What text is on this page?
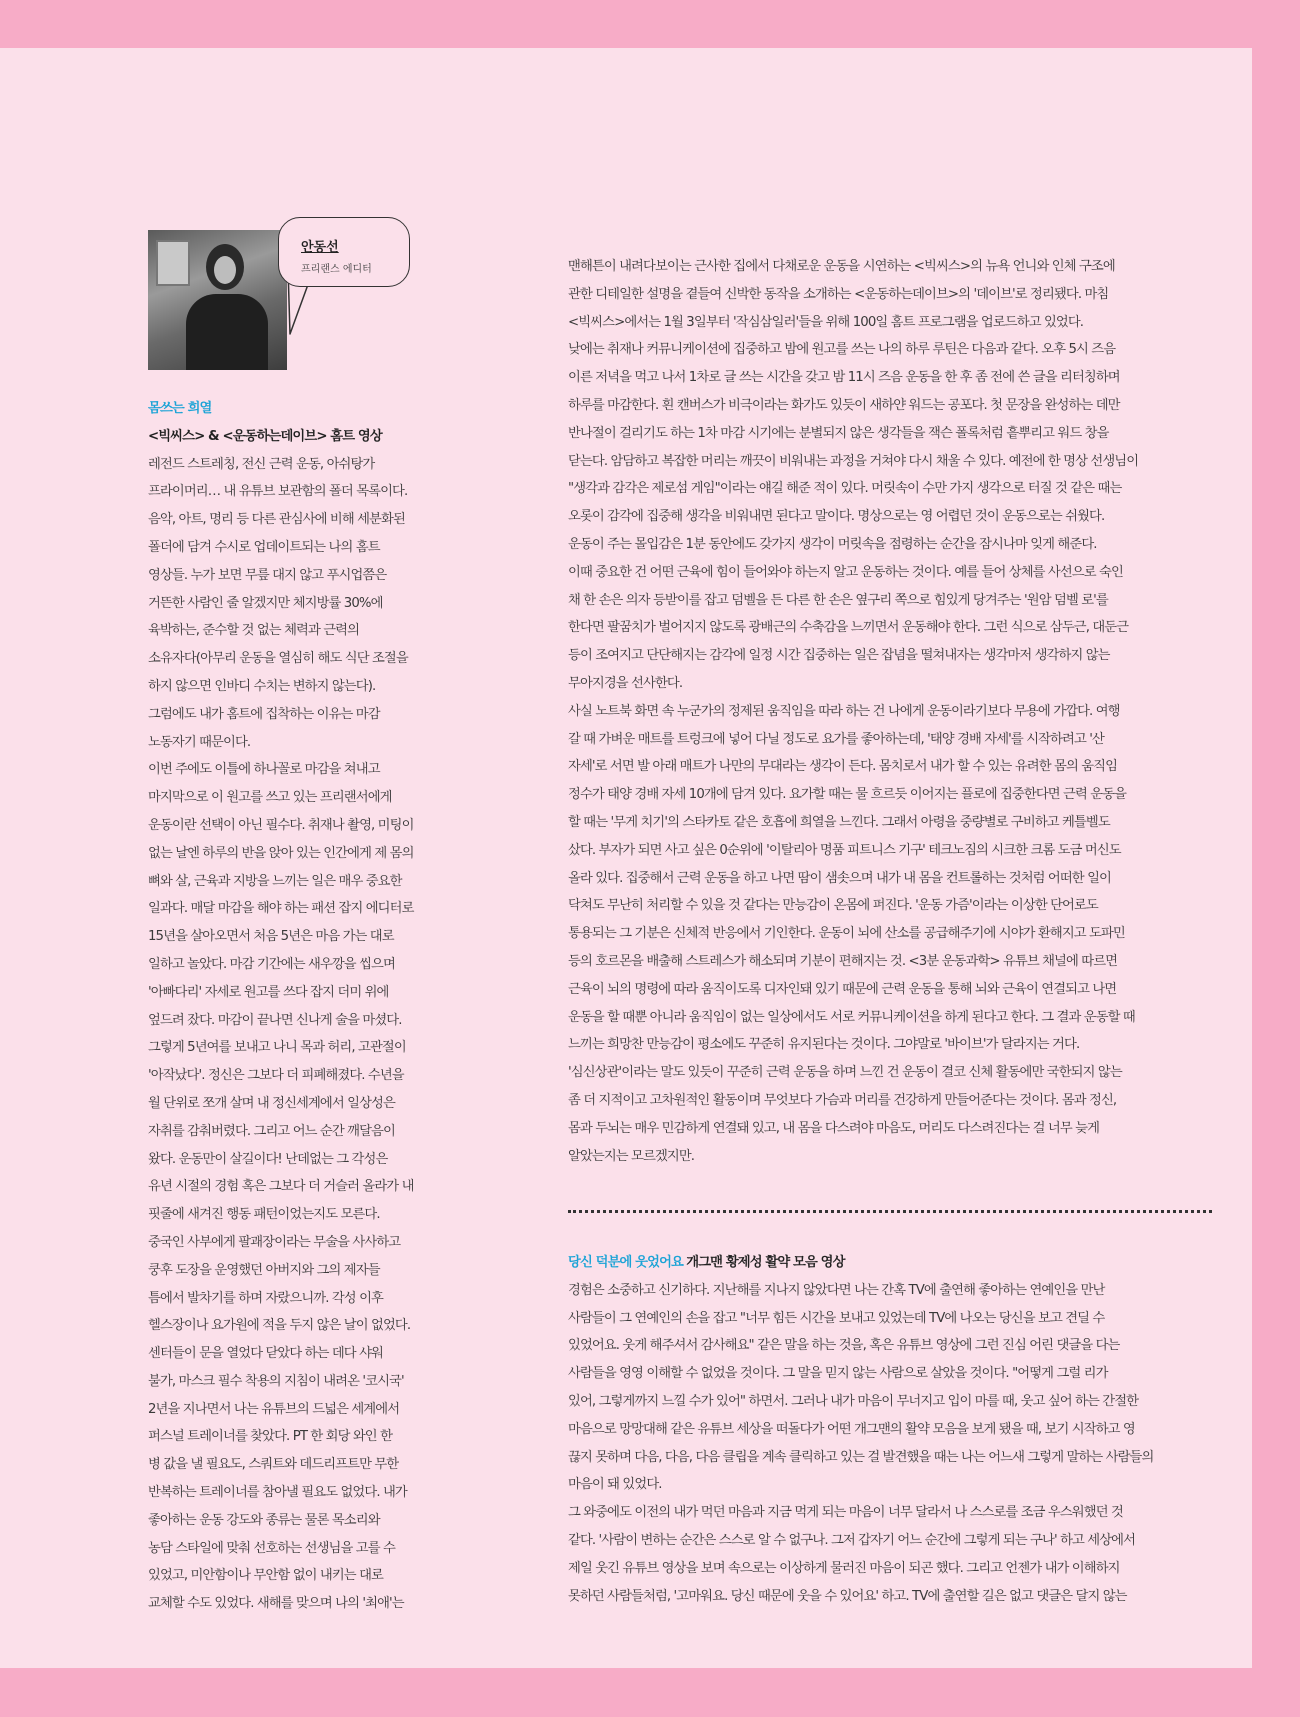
안동선
프리랜스 에디터
몸쓰는 희열
<빅씨스> & <운동하는데이브> 홈트 영상
레전드 스트레칭, 전신 근력 운동, 아쉬탕가
프라이머리… 내 유튜브 보관함의 폴더 목록이다.
음악, 아트, 명리 등 다른 관심사에 비해 세분화된
폴더에 담겨 수시로 업데이트되는 나의 홈트
영상들. 누가 보면 무릎 대지 않고 푸시업쯤은
거뜬한 사람인 줄 알겠지만 체지방률 30%에
육박하는, 준수할 것 없는 체력과 근력의
소유자다(아무리 운동을 열심히 해도 식단 조절을
하지 않으면 인바디 수치는 변하지 않는다).
그럼에도 내가 홈트에 집착하는 이유는 마감
노동자기 때문이다.
이번 주에도 이틀에 하나꼴로 마감을 쳐내고
마지막으로 이 원고를 쓰고 있는 프리랜서에게
운동이란 선택이 아닌 필수다. 취재나 촬영, 미팅이
없는 날엔 하루의 반을 앉아 있는 인간에게 제 몸의
뼈와 살, 근육과 지방을 느끼는 일은 매우 중요한
일과다. 매달 마감을 해야 하는 패션 잡지 에디터로
15년을 살아오면서 처음 5년은 마음 가는 대로
일하고 놀았다. 마감 기간에는 새우깡을 씹으며
'아빠다리' 자세로 원고를 쓰다 잡지 더미 위에
엎드려 잤다. 마감이 끝나면 신나게 술을 마셨다.
그렇게 5년여를 보내고 나니 목과 허리, 고관절이
'아작났다'. 정신은 그보다 더 피폐해졌다. 수년을
월 단위로 쪼개 살며 내 정신세계에서 일상성은
자취를 감춰버렸다. 그리고 어느 순간 깨달음이
왔다. 운동만이 살길이다! 난데없는 그 각성은
유년 시절의 경험 혹은 그보다 더 거슬러 올라가 내
핏줄에 새겨진 행동 패턴이었는지도 모른다.
중국인 사부에게 팔괘장이라는 무술을 사사하고
쿵후 도장을 운영했던 아버지와 그의 제자들
틈에서 발차기를 하며 자랐으니까. 각성 이후
헬스장이나 요가원에 적을 두지 않은 날이 없었다.
센터들이 문을 열었다 닫았다 하는 데다 샤워
불가, 마스크 필수 착용의 지침이 내려온 '코시국'
2년을 지나면서 나는 유튜브의 드넓은 세계에서
퍼스널 트레이너를 찾았다. PT 한 회당 와인 한
병 값을 낼 필요도, 스쿼트와 데드리프트만 무한
반복하는 트레이너를 참아낼 필요도 없었다. 내가
좋아하는 운동 강도와 종류는 물론 목소리와
농담 스타일에 맞춰 선호하는 선생님을 고를 수
있었고, 미안함이나 무안함 없이 내키는 대로
교체할 수도 있었다. 새해를 맞으며 나의 '최애'는
맨해튼이 내려다보이는 근사한 집에서 다채로운 운동을 시연하는 <빅씨스>의 뉴욕 언니와 인체 구조에
관한 디테일한 설명을 곁들여 신박한 동작을 소개하는 <운동하는데이브>의 '데이브'로 정리됐다. 마침
<빅씨스>에서는 1월 3일부터 '작심삼일러'들을 위해 100일 홈트 프로그램을 업로드하고 있었다.
낮에는 취재나 커뮤니케이션에 집중하고 밤에 원고를 쓰는 나의 하루 루틴은 다음과 같다. 오후 5시 즈음
이른 저녁을 먹고 나서 1차로 글 쓰는 시간을 갖고 밤 11시 즈음 운동을 한 후 좀 전에 쓴 글을 리터칭하며
하루를 마감한다. 흰 캔버스가 비극이라는 화가도 있듯이 새하얀 워드는 공포다. 첫 문장을 완성하는 데만
반나절이 걸리기도 하는 1차 마감 시기에는 분별되지 않은 생각들을 잭슨 폴록처럼 흩뿌리고 워드 창을
닫는다. 암담하고 복잡한 머리는 깨끗이 비워내는 과정을 거쳐야 다시 채울 수 있다. 예전에 한 명상 선생님이
"생각과 감각은 제로섬 게임"이라는 얘길 해준 적이 있다. 머릿속이 수만 가지 생각으로 터질 것 같은 때는
오롯이 감각에 집중해 생각을 비워내면 된다고 말이다. 명상으로는 영 어렵던 것이 운동으로는 쉬웠다.
운동이 주는 몰입감은 1분 동안에도 갖가지 생각이 머릿속을 점령하는 순간을 잠시나마 잊게 해준다.
이때 중요한 건 어떤 근육에 힘이 들어와야 하는지 알고 운동하는 것이다. 예를 들어 상체를 사선으로 숙인
채 한 손은 의자 등받이를 잡고 덤벨을 든 다른 한 손은 옆구리 쪽으로 힘있게 당겨주는 '원암 덤벨 로'를
한다면 팔꿈치가 벌어지지 않도록 광배근의 수축감을 느끼면서 운동해야 한다. 그런 식으로 삼두근, 대둔근
등이 조여지고 단단해지는 감각에 일정 시간 집중하는 일은 잡념을 떨쳐내자는 생각마저 생각하지 않는
무아지경을 선사한다.
사실 노트북 화면 속 누군가의 정제된 움직임을 따라 하는 건 나에게 운동이라기보다 무용에 가깝다. 여행
갈 때 가벼운 매트를 트렁크에 넣어 다닐 정도로 요가를 좋아하는데, '태양 경배 자세'를 시작하려고 '산
자세'로 서면 발 아래 매트가 나만의 무대라는 생각이 든다. 몸치로서 내가 할 수 있는 유려한 몸의 움직임
정수가 태양 경배 자세 10개에 담겨 있다. 요가할 때는 물 흐르듯 이어지는 플로에 집중한다면 근력 운동을
할 때는 '무게 치기'의 스타카토 같은 호흡에 희열을 느낀다. 그래서 아령을 중량별로 구비하고 케틀벨도
샀다. 부자가 되면 사고 싶은 0순위에 '이탈리아 명품 피트니스 기구' 테크노짐의 시크한 크롬 도금 머신도
올라 있다. 집중해서 근력 운동을 하고 나면 땀이 샘솟으며 내가 내 몸을 컨트롤하는 것처럼 어떠한 일이
닥쳐도 무난히 처리할 수 있을 것 같다는 만능감이 온몸에 퍼진다. '운동 가즘'이라는 이상한 단어로도
통용되는 그 기분은 신체적 반응에서 기인한다. 운동이 뇌에 산소를 공급해주기에 시야가 환해지고 도파민
등의 호르몬을 배출해 스트레스가 해소되며 기분이 편해지는 것. <3분 운동과학> 유튜브 채널에 따르면
근육이 뇌의 명령에 따라 움직이도록 디자인돼 있기 때문에 근력 운동을 통해 뇌와 근육이 연결되고 나면
운동을 할 때뿐 아니라 움직임이 없는 일상에서도 서로 커뮤니케이션을 하게 된다고 한다. 그 결과 운동할 때
느끼는 희망찬 만능감이 평소에도 꾸준히 유지된다는 것이다. 그야말로 '바이브'가 달라지는 거다.
'심신상관'이라는 말도 있듯이 꾸준히 근력 운동을 하며 느낀 건 운동이 결코 신체 활동에만 국한되지 않는
좀 더 지적이고 고차원적인 활동이며 무엇보다 가슴과 머리를 건강하게 만들어준다는 것이다. 몸과 정신,
몸과 두뇌는 매우 민감하게 연결돼 있고, 내 몸을 다스려야 마음도, 머리도 다스려진다는 걸 너무 늦게
알았는지는 모르겠지만.
당신 덕분에 웃었어요 개그맨 황제성 활약 모음 영상
경험은 소중하고 신기하다. 지난해를 지나지 않았다면 나는 간혹 TV에 출연해 좋아하는 연예인을 만난
사람들이 그 연예인의 손을 잡고 "너무 힘든 시간을 보내고 있었는데 TV에 나오는 당신을 보고 견딜 수
있었어요. 웃게 해주셔서 감사해요" 같은 말을 하는 것을, 혹은 유튜브 영상에 그런 진심 어린 댓글을 다는
사람들을 영영 이해할 수 없었을 것이다. 그 말을 믿지 않는 사람으로 살았을 것이다. "어떻게 그럴 리가
있어, 그렇게까지 느낄 수가 있어" 하면서. 그러나 내가 마음이 무너지고 입이 마를 때, 웃고 싶어 하는 간절한
마음으로 망망대해 같은 유튜브 세상을 떠돌다가 어떤 개그맨의 활약 모음을 보게 됐을 때, 보기 시작하고 영
끊지 못하며 다음, 다음, 다음 클립을 계속 클릭하고 있는 걸 발견했을 때는 나는 어느새 그렇게 말하는 사람들의
마음이 돼 있었다.
그 와중에도 이전의 내가 먹던 마음과 지금 먹게 되는 마음이 너무 달라서 나 스스로를 조금 우스워했던 것
같다. '사람이 변하는 순간은 스스로 알 수 없구나. 그저 갑자기 어느 순간에 그렇게 되는 구나' 하고 세상에서
제일 웃긴 유튜브 영상을 보며 속으로는 이상하게 물러진 마음이 되곤 했다. 그리고 언젠가 내가 이해하지
못하던 사람들처럼, '고마워요. 당신 때문에 웃을 수 있어요' 하고. TV에 출연할 길은 없고 댓글은 달지 않는
